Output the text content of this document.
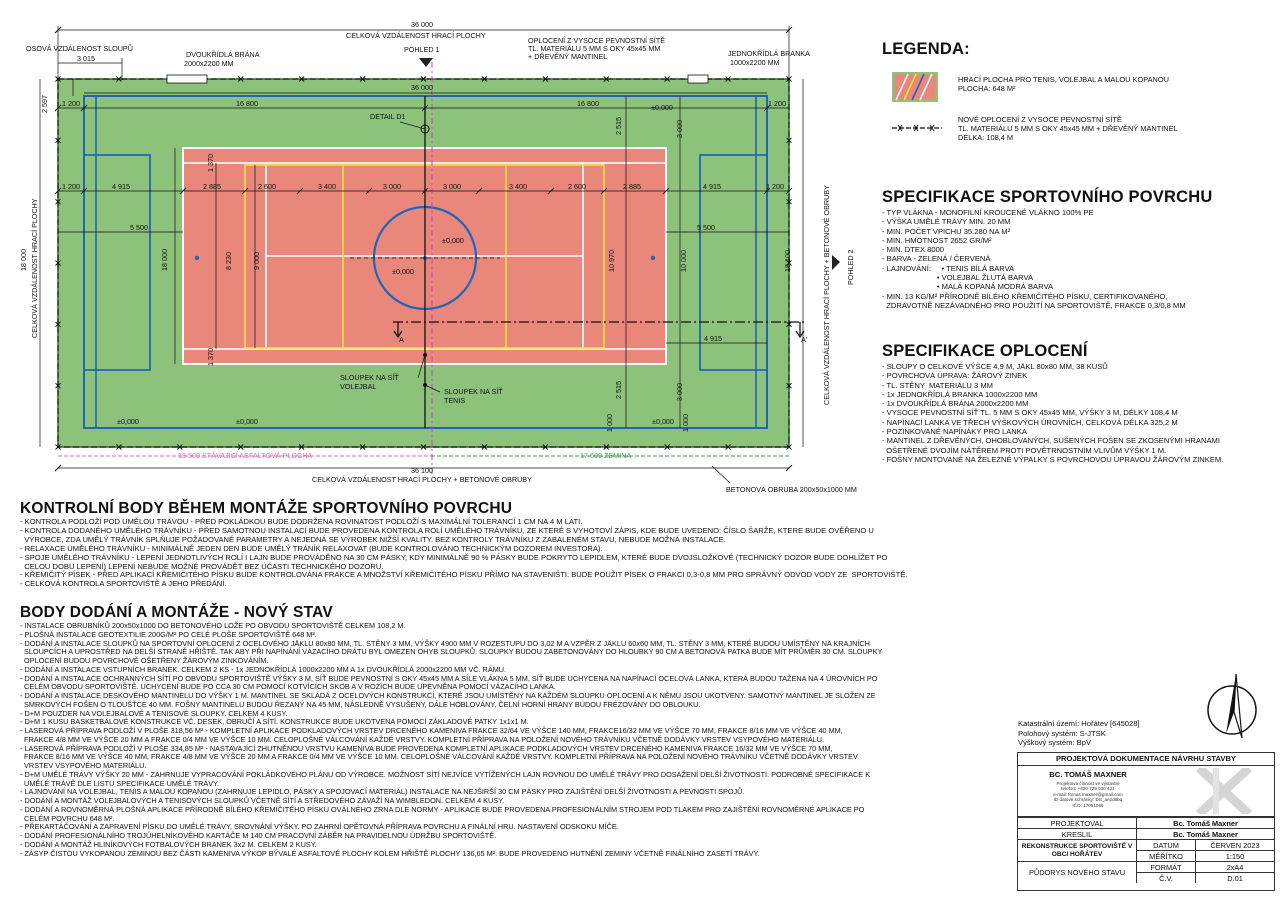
36 000
CELKOVÁ VZDÁLENOST HRACÍ PLOCHY
OSOVÁ VZDÁLENOST SLOUPŮ
3 015	DVOUKŘÍDLÁ BRÁNA
2000x2200 MM
POHLED 1
OPLOCENÍ Z VYSOCE PEVNOSTNÍ SÍTĚ
TL. MATERIÁLU 5 MM S OKY 45x45 MM
+ DŘEVĚNÝ MANTINEL	JEDNOKŘÍDLÁ BRANKA
1000x2200 MM
36 000
1 200	16 800	16 800	1 200
DETAIL D1
±0,000	±0,000	±0,000
±0,000
±0,000
±0,000
5 500	5 500
4 915
A	A'
SLOUPEK NA SÍŤ
VOLEJBAL
SLOUPEK NA SÍŤ
TENIS
18 500 STÁVAJÍCÍ ASFALTOVÁ PLOCHA	17 600 ZEMINA
36 100
CELKOVÁ VZDÁLENOST HRACÍ PLOCHY + BETONOVÉ OBRUBY
BETONOVÁ OBRUBA 200x50x1000 MM
1 200	4 915	2 885	2 600	3 400	3 000	3 000	3 400	2 600	2 885	4 915	1 200
2 597
CELKOVÁ VZDÁLENOST HRACÍ PLOCHY
18 000	18 000	8 230	9 000	10 970	10 000	18 100	CELKOVÁ VZDÁLENOST HRACÍ PLOCHY + BETONOVÉ OBRUBY POHLED 2
2 515	3 000
1 370
1 370
2 515	3 000
1 000	1 000
LEGENDA:
HRACÍ PLOCHA PRO TENIS, VOLEJBAL A MALOU KOPANOU
PLOCHA: 648 M²
NOVÉ OPLOCENÍ Z VYSOCE PEVNOSTNÍ SÍTĚ
TL. MATERIÁLU 5 MM S OKY 45x45 MM + DŘEVĚNÝ MANTINEL
DÉLKA: 108,4 M
SPECIFIKACE SPORTOVNÍHO POVRCHU
- TYP VLÁKNA - MONOFILNÍ KROUCENÉ VLÁKNO 100% PE
- VÝŠKA UMĚLÉ TRÁVY MIN. 20 MM
- MIN. POČET VPICHU 35.280 NA M²
- MIN. HMOTNOST 2652 GR/M²
- MIN. DTEX 8000
- BARVA - ZELENÁ / ČERVENÁ
- LAJNOVÁNÍ:     • TENIS BÍLÁ BARVA
• VOLEJBAL ŽLUTÁ BARVA
• MALÁ KOPANÁ MODRÁ BARVA
- MIN. 13 KG/M² PŘÍRODNĚ BÍLÉHO KŘEMIČITÉHO PÍSKU, CERTIFIKOVANÉHO,
ZDRAVOTNĚ NEZÁVADNÉHO PRO POUŽITÍ NA SPORTOVIŠTĚ, FRAKCE 0,3/0,8 MM
SPECIFIKACE OPLOCENÍ
- SLOUPY O CELKOVÉ VÝŠCE 4,9 M, JÄKL 80x80 MM, 38 KUSŮ
- POVRCHOVÁ ÚPRAVA: ŽÁROVÝ ZINEK
- TL. STĚNY  MATERIÁLU 3 MM
- 1x JEDNOKŘÍDLÁ BRANKA 1000x2200 MM
- 1x DVOUKŘÍDLÁ BRÁNA 2000x2200 MM
- VYSOCE PEVNOSTNÍ SÍŤ TL. 5 MM S OKY 45x45 MM, VÝŠKY 3 M, DÉLKY 108,4 M
- NAPÍNACÍ LANKA VE TŘECH VÝŠKOVÝCH ÚROVNÍCH, CELKOVÁ DÉLKA 325,2 M
- POZINKOVANÉ NAPÍNÁKY PRO LANKA
- MANTINEL Z DŘEVĚNÝCH, OHOBLOVANÝCH, SUŠENÝCH FOŠEN SE ZKOSENÝMI HRANAMI
OŠETŘENÉ DVOJÍM NÁTĚREM PROTI POVĚTRNOSTNÍM VLIVŮM VÝŠKY 1 M.
- FOŠNY MONTOVANÉ NA ŽELEZNÉ VÝPALKY S POVRCHOVOU ÚPRAVOU ŽÁROVÝM ZINKEM.
KONTROLNÍ BODY BĚHEM MONTÁŽE SPORTOVNÍHO POVRCHU
- KONTROLA PODLOŽÍ POD UMĚLOU TRÁVOU - PŘED POKLÁDKOU BUDE DODRŽENA ROVINATOST PODLOŽÍ S MAXIMÁLNÍ TOLERANCÍ 1 CM NA 4 M LATI.
- KONTROLA DODANÉHO UMĚLÉHO TRÁVNÍKU - PŘED SAMOTNOU INSTALACÍ BUDE PROVEDENA KONTROLA ROLÍ UMĚLÉHO TRÁVNÍKU, ZE KTERÉ S VYHOTOVÍ ZÁPIS, KDE BUDE UVEDENO: ČÍSLO ŠARŽE, KTERE BUDE OVĚŘENO U
VÝROBCE, ZDA UMĚLÝ TRÁVNÍK SPLŇUJE POŽADOVANÉ PARAMETRY A NEJEDNÁ SE VÝROBEK NIŽŠÍ KVALITY. BEZ KONTROLY TRÁVNÍKU Z ZABALENÉM STAVU, NEBUDE MOŽNÁ INSTALACE.
- RELAXACE UMĚLÉHO TRÁVNÍKU - MINIMÁLNĚ JEDEN DEN BUDE UMĚLÝ TRÁNÍK RELAXOVAT (BUDE KONTROLOVÁNO TECHNICKÝM DOZOREM INVESTORA).
- SPOJE UMĚLÉHO TRÁVNÍKU - LEPENÍ JEDNOTLIVÝCH ROLÍ I LAJN BUDE PROVÁDĚNO NA 30 CM PÁSKY, KDY MINIMÁLNĚ 90 % PÁSKY BUDE POKRYTO LEPIDLEM, KTERÉ BUDE DVOJSLOŽKOVÉ (TECHNICKÝ DOZOR BUDE DOHLÍŽET PO
CELOU DOBU LEPENÍ) LEPENÍ NEBUDE MOŽNÉ PROVÁDĚT BEZ ÚČASTI TECHNICKÉHO DOZORU.
- KŘEMIČITÝ PÍSEK - PŘED APLIKACÍ KŘEMIČITÉHO PÍSKU BUDE KONTROLOVÁNA FRAKCE A MNOŽSTVÍ KŘEMIČITÉHO PÍSKU PŘÍMO NA STAVENIŠTI. BUDE POUŽIT PÍSEK O FRAKCI 0,3-0,8 MM PRO SPRÁVNÝ ODVOD VODY ZE  SPORTOVIŠTĚ.
- CELKOVÁ KONTROLA SPORTOVIŠTĚ A JEHO PŘEDÁNÍ.
BODY DODÁNÍ A MONTÁŽE - NOVÝ STAV
- INSTALACE OBRUBNÍKŮ 200x50x1000 DO BETONOVÉHO LOŽE PO OBVODU SPORTOVIŠTĚ CELKEM 108,2 M.
- PLOŠNÁ INSTALACE GEOTEXTILIE 200G/M² PO CELÉ PLOŠE SPORTOVIŠTĚ 648 M².
- DODÁNÍ A INSTALACE SLOUPKŮ NA SPORTOVNÍ OPLOCENÍ Z OCELOVÉHO JÄKLU 80x80 MM, TL. STĚNY 3 MM, VÝŠKY 4900 MM V ROZESTUPU DO 3,02 M A VZPĚR Z JÄKLU 60x60 MM, TL. STĚNY 3 MM, KTERÉ BUDOU UMÍSTĚNY NA KRAJNÍCH
SLOUPCÍCH A UPROSTŘED NA DELŠÍ STRANĚ HŘIŠTĚ. TAK ABY PŘI NAPÍNÁNÍ VÁZACÍHO DRÁTU BYL OMEZEN OHYB SLOUPKŮ. SLOUPKY BUDOU ZABETONOVÁNY DO HLOUBKY 90 CM A BETONOVÁ PATKA BUDE MÍT PRŮMĚR 30 CM. SLOUPKY
OPLOCENÍ BUDOU POVRCHOVĚ OŠETŘENY ŽÁROVÝM ZINKOVÁNÍM.
- DODÁNÍ A INSTALACE VSTUPNÍCH BRANEK. CELKEM 2 KS - 1x JEDNOKŘÍDLÁ 1000x2200 MM A 1x DVOUKŘÍDLÁ 2000x2200 MM VČ. RÁMU.
- DODÁNÍ A INSTALACE OCHRANNÝCH SÍTÍ PO OBVODU SPORTOVIŠTĚ VÝŠKY 3 M, SÍŤ BUDE PEVNOSTNÍ S OKY 45x45 MM A SÍLE VLÁKNA 5 MM, SÍŤ BUDE UCHYCENA NA NAPÍNACÍ OCELOVÁ LANKA, KTERÁ BUDOU TAŽENA NA 4 ÚROVNÍCH PO
CELÉM OBVODU SPORTOVIŠTĚ. UCHYCENÍ BUDE PO CCA 30 CM POMOCÍ KOTVÍCÍCH SKOB A V ROZÍCH BUDE UPEVNĚNA POMOCÍ VÁZACÍHO LANKA.
- DODÁNÍ A INSTALACE DESKOVÉHO MANTINELU DO VÝŠKY 1 M. MANTINEL SE SKLÁDÁ Z OCELOVÝCH KONSTRUKCÍ, KTERÉ JSOU UMÍSTĚNY NA KAŽDÉM SLOUPKU OPLOCENÍ A K NĚMU JSOU UKOTVENY. SAMOTNÝ MANTINEL JE SLOŽEN ZE
SMRKOVÝCH FOŠEN O TLOUŠŤCE 40 MM. FOŠNY MANTINELU BUDOU ŘEZANÝ NA 45 MM, NÁSLEDNĚ VYSUŠENY, DÁLE HOBLOVÁNY, ČELNÍ HORNÍ HRANY BUDOU FRÉZOVÁNY DO OBLOUKU.
- D+M POUZDER NA VOLEJBALOVÉ A TENISOVÉ SLOUPKY. CELKEM 4 KUSY.
- D+M 1 KUSU BASKETBALOVÉ KONSTRUKCE VČ. DESEK, OBRUČÍ A SÍTÍ. KONSTRUKCE BUDE UKOTVENA POMOCÍ ZÁKLADOVÉ PATKY 1x1x1 M.
- LASEROVÁ PŘÍPRAVA PODLOŽÍ V PLOŠE 318,56 M² - KOMPLETNÍ APLIKACE PODKLADOVÝCH VRSTEV DRCENÉHO KAMENIVA FRAKCE 32/64 VE VÝŠCE 140 MM, FRAKCE16/32 MM VE VÝŠCE 70 MM, FRAKCE 8/16 MM VE VÝŠCE 40 MM,
FRAKCE 4/8 MM VE VÝŠCE 20 MM A FRAKCE 0/4 MM VE VÝŠCE 10 MM. CELOPLOŠNÉ VÁLCOVÁNÍ KAŽDÉ VRSTVY. KOMPLETNÍ PŘÍPRAVA NA POLOŽENÍ NOVÉHO TRÁVNÍKU VČETNĚ DODÁVKY VRSTEV VSYPOVÉHO MATERIÁLU.
- LASEROVÁ PŘÍPRAVA PODLOŽÍ V PLOŠE 334,85 M² - NASTAVAJÍCÍ ZHUTNĚNOU VRSTVU KAMENIVA BUDE PROVEDENA KOMPLETNÍ APLIKACE PODKLADOVÝCH VRSTEV DRCENÉHO KAMENIVA FRAKCE 16/32 MM VE VÝŠCE 70 MM,
FRAKCE 8/16 MM VE VÝŠCE 40 MM, FRAKCE 4/8 MM VE VÝŠCE 20 MM A FRAKCE 0/4 MM VE VÝŠCE 10 MM. CELOPLOŠNÉ VÁLCOVÁNÍ KAŽDÉ VRSTVY. KOMPLETNÍ PŘÍPRAVA NA POLOŽENÍ NOVÉHO TRÁVNÍKU VČETNĚ DODÁVKY VRSTEV
VRSTEV VSYPOVÉHO MATERIÁLU.
- D+M UMĚLÉ TRÁVY VÝŠKY 20 MM - ZAHRNUJE VYPRACOVÁNÍ POKLÁDKOVÉHO PLÁNU OD VÝROBCE. MOŽNOST SÍTÍ NEJVÍCE VYTÍŽENÝCH LAJN ROVNOU DO UMĚLÉ TRÁVY PRO DOSAŽENÍ DELŠÍ ŽIVOTNOSTI. PODROBNÉ SPECIFIKACE K
UMĚLÉ TRÁVĚ DLE LISTU SPECIFIKACE UMĚLÉ TRÁVY.
- LAJNOVÁNÍ NA VOLEJBAL, TENIS A MALOU KOPANOU (ZAHRNUJE LEPIDLO, PÁSKY A SPOJOVACÍ MATERIÁL) INSTALACE NA NEJŠIRŠÍ 30 CM PÁSKY PRO ZAJIŠTĚNÍ DELŠÍ ŽIVOTNOSTI A PEVNOSTI SPOJŮ.
- DODÁNÍ A MONTÁŽ VOLEJBALOVÝCH A TENISOVÝCH SLOUPKŮ VČETNĚ SÍTÍ A STŘEDOVÉHO ZÁVAŽÍ NA WIMBLEDON. CELKEM 4 KUSY.
- DODÁNÍ A ROVNOMĚRNÁ PLOŠNÁ APLIKACE PŘÍRODNĚ BÍLÉHO KŘEMIČITÉHO PÍSKU OVÁLNÉHO ZRNA DLE NORMY - APLIKACE BUDE PROVEDENA PROFESIONÁLNÍM STROJEM POD TLAKEM PRO ZAJIŠTĚNÍ ROVNOMĚRNÉ APLIKACE PO
CELÉM POVRCHU 648 M².
- PŘEKARTÁČOVÁNÍ A ZAPRAVENÍ PÍSKU DO UMĚLÉ TRÁVY, SROVNÁNÍ VÝŠKY. PO ZAHRNÍ OPĚTOVNÁ PŘÍPRAVA POVRCHU A FINÁLNÍ HRU. NASTAVENÍ ODSKOKU MÍČE.
- DODÁNÍ PROFESIONÁLNÍHO TROJÚHELNÍKOVÉHO KARTÁČE M 140 CM PRACOVNÍ ZÁBĚR NA PRAVIDELNOU ÚDRŽBU SPORTOVIŠTĚ.
- DODÁNÍ A MONTÁŽ HLINÍKOVÝCH FOTBALOVÝCH BRANEK 3x2 M. CELKEM 2 KUSY.
- ZÁSYP ČISTOU VYKOPANOU ZEMINOU BEZ ČÁSTI KAMENIVA VÝKOP BÝVALÉ ASFALTOVÉ PLOCHY KOLEM HŘIŠTĚ PLOCHY 136,65 M². BUDE PROVEDENO HUTNĚNÍ ZEMINY VČETNĚ FINÁLNÍHO ZASETÍ TRÁVY.
Katastrální území: Hořátev [645028]
Polohový systém: S-JTSK
Výškový systém: BpV
PROJEKTOVÁ DOKUMENTACE NÁVRHU STAVBY
BC. TOMÁŠ MAXNER
Projektová činnost ve výstavbě
telefon: +420 725 030 421
e-mail: tomas.maxner@gmail.com
ID datové schránky: DS_ae2d6bq
IČO: 17051085
PROJEKTOVAL	Bc. Tomáš Maxner	
KRESLIL	Bc. Tomáš Maxner	
REKONSTRUKCE SPORTOVIŠTĚ V OBCI HOŘÁTEV	DATUM	ČERVEN 2023
	MĚŘÍTKO	1:150
PŮDORYS NOVÉHO STAVU	FORMÁT	2xA4
	Č.V.	D.01
